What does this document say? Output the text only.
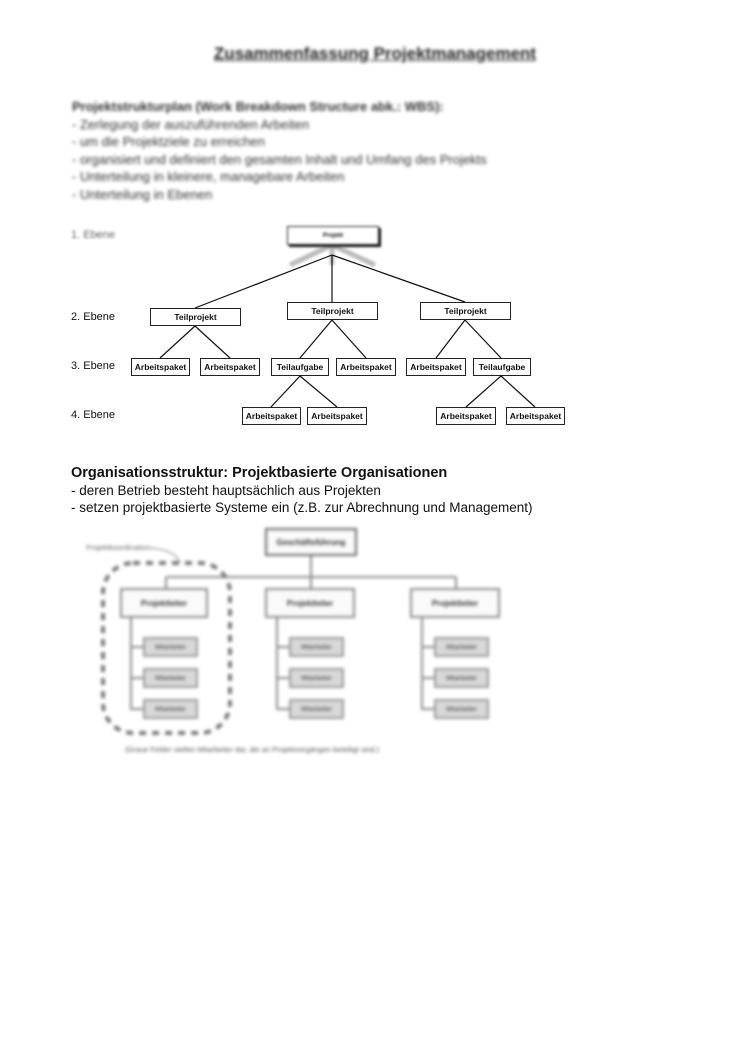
Zusammenfassung Projektmanagement
Projektstrukturplan (Work Breakdown Structure abk.: WBS):
- Zerlegung der auszuführenden Arbeiten
- um die Projektziele zu erreichen
- organisiert und definiert den gesamten Inhalt und Umfang des Projekts
- Unterteilung in kleinere, managebare Arbeiten
- Unterteilung in Ebenen
1. Ebene
2. Ebene
3. Ebene
4. Ebene
Projekt
Teilprojekt
Teilprojekt	Teilprojekt
Arbeitspaket	Arbeitspaket	Teilaufgabe	Arbeitspaket	Arbeitspaket	Teilaufgabe
Arbeitspaket	Arbeitspaket	Arbeitspaket	Arbeitspaket
Organisationsstruktur: Projektbasierte Organisationen
- deren Betrieb besteht hauptsächlich aus Projekten
- setzen projektbasierte Systeme ein (z.B. zur Abrechnung und Management)
Projektkoordination
Geschäftsführung
Projektleiter	Projektleiter	Projektleiter
Mitarbeiter
Mitarbeiter
Mitarbeiter
Mitarbeiter
Mitarbeiter
Mitarbeiter
Mitarbeiter
Mitarbeiter
Mitarbeiter
(Graue Felder stellen Mitarbeiter dar, die an Projektvorgängen beteiligt sind.)
